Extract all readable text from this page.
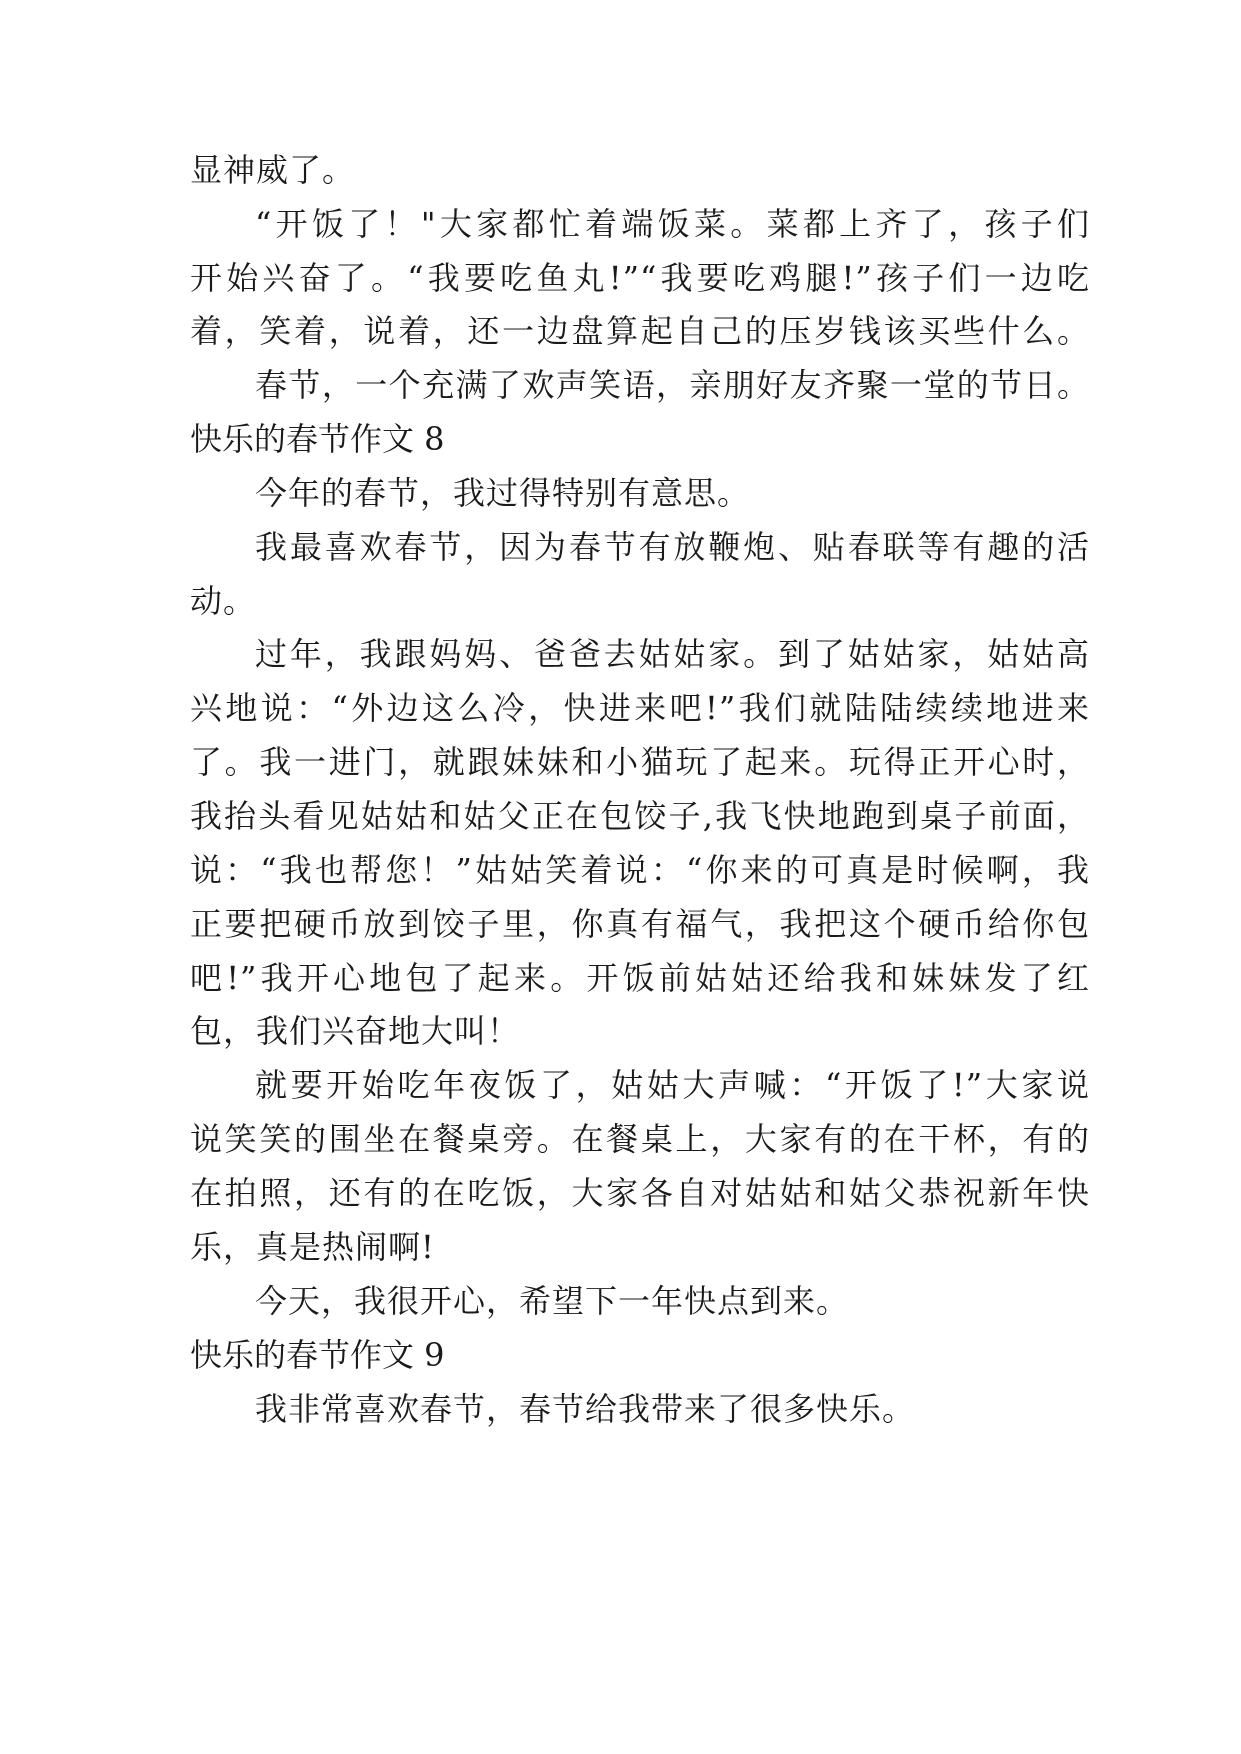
显神威了。
“开饭了！"大家都忙着端饭菜。菜都上齐了，孩子们
开始兴奋了。“我要吃鱼丸!”“我要吃鸡腿!”孩子们一边吃
着，笑着，说着，还一边盘算起自己的压岁钱该买些什么。
春节，一个充满了欢声笑语，亲朋好友齐聚一堂的节日。
快乐的春节作文 8
今年的春节，我过得特别有意思。
我最喜欢春节，因为春节有放鞭炮、贴春联等有趣的活
动。
过年，我跟妈妈、爸爸去姑姑家。到了姑姑家，姑姑高
兴地说：“外边这么冷，快进来吧!”我们就陆陆续续地进来
了。我一进门，就跟妹妹和小猫玩了起来。玩得正开心时，
我抬头看见姑姑和姑父正在包饺子,我飞快地跑到桌子前面，
说：“我也帮您！”姑姑笑着说：“你来的可真是时候啊，我
正要把硬币放到饺子里，你真有福气，我把这个硬币给你包
吧!”我开心地包了起来。开饭前姑姑还给我和妹妹发了红
包，我们兴奋地大叫！
就要开始吃年夜饭了，姑姑大声喊：“开饭了!”大家说
说笑笑的围坐在餐桌旁。在餐桌上，大家有的在干杯，有的
在拍照，还有的在吃饭，大家各自对姑姑和姑父恭祝新年快
乐，真是热闹啊!
今天，我很开心，希望下一年快点到来。
快乐的春节作文 9
我非常喜欢春节，春节给我带来了很多快乐。
